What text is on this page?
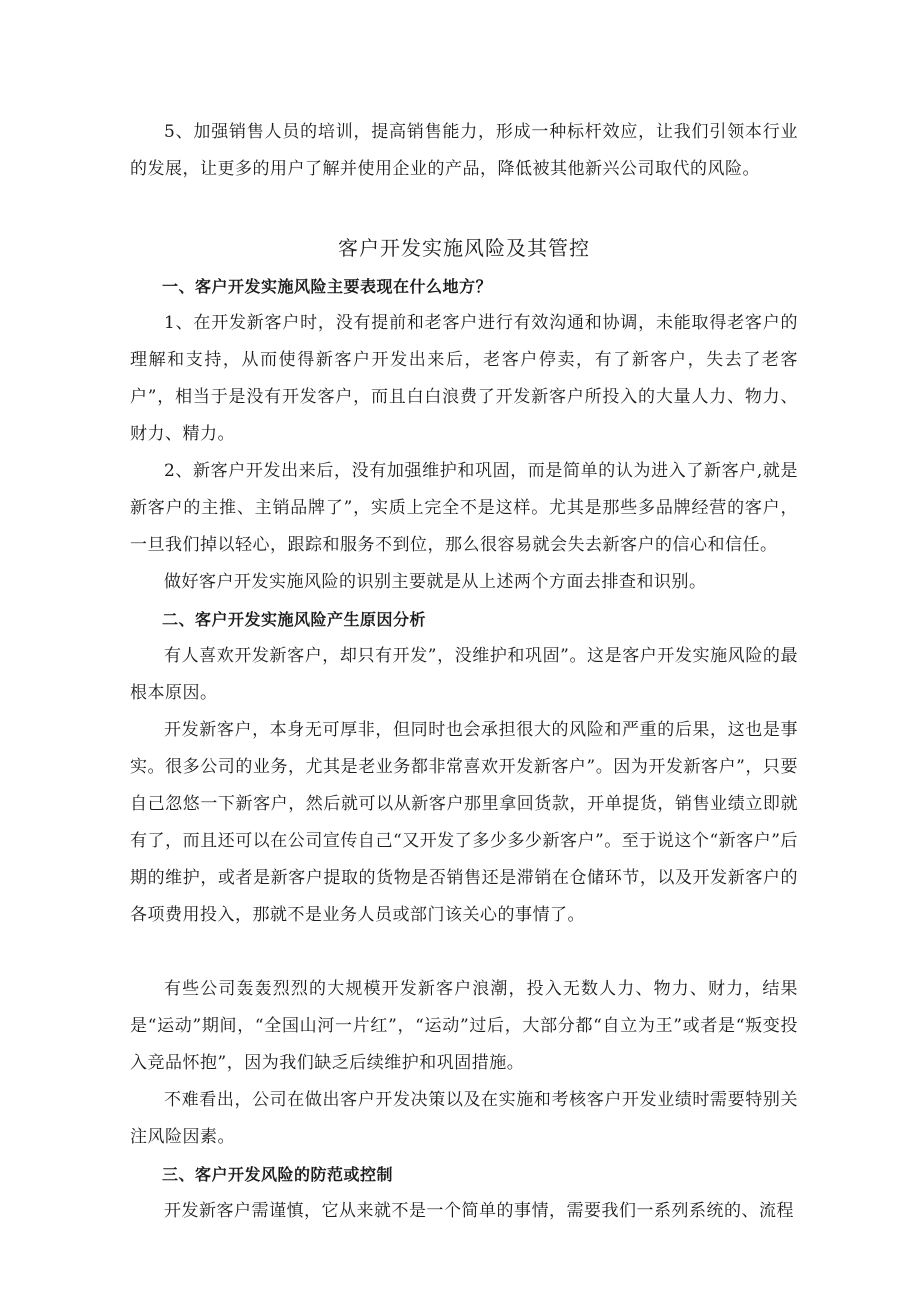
5、加强销售人员的培训，提高销售能力，形成一种标杆效应，让我们引领本行业的发展，让更多的用户了解并使用企业的产品，降低被其他新兴公司取代的风险。

客户开发实施风险及其管控
一、客户开发实施风险主要表现在什么地方？

1、在开发新客户时，没有提前和老客户进行有效沟通和协调，未能取得老客户的理解和支持，从而使得新客户开发出来后，老客户停卖，有了新客户，失去了老客户”，相当于是没有开发客户，而且白白浪费了开发新客户所投入的大量人力、物力、财力、精力。

2、新客户开发出来后，没有加强维护和巩固，而是简单的认为进入了新客户,就是新客户的主推、主销品牌了”，实质上完全不是这样。尤其是那些多品牌经营的客户，一旦我们掉以轻心，跟踪和服务不到位，那么很容易就会失去新客户的信心和信任。

做好客户开发实施风险的识别主要就是从上述两个方面去排查和识别。

二、客户开发实施风险产生原因分析

有人喜欢开发新客户，却只有开发”，没维护和巩固”。这是客户开发实施风险的最根本原因。

开发新客户，本身无可厚非，但同时也会承担很大的风险和严重的后果，这也是事实。很多公司的业务，尤其是老业务都非常喜欢开发新客户”。因为开发新客户”，只要自己忽悠一下新客户，然后就可以从新客户那里拿回货款，开单提货，销售业绩立即就有了，而且还可以在公司宣传自己“又开发了多少多少新客户”。至于说这个“新客户”后期的维护，或者是新客户提取的货物是否销售还是滞销在仓储环节，以及开发新客户的各项费用投入，那就不是业务人员或部门该关心的事情了。

有些公司轰轰烈烈的大规模开发新客户浪潮，投入无数人力、物力、财力，结果是“运动”期间，“全国山河一片红”，“运动”过后，大部分都“自立为王”或者是“叛变投入竞品怀抱”，因为我们缺乏后续维护和巩固措施。

不难看出，公司在做出客户开发决策以及在实施和考核客户开发业绩时需要特别关注风险因素。

三、客户开发风险的防范或控制

开发新客户需谨慎，它从来就不是一个简单的事情，需要我们一系列系统的、流程
